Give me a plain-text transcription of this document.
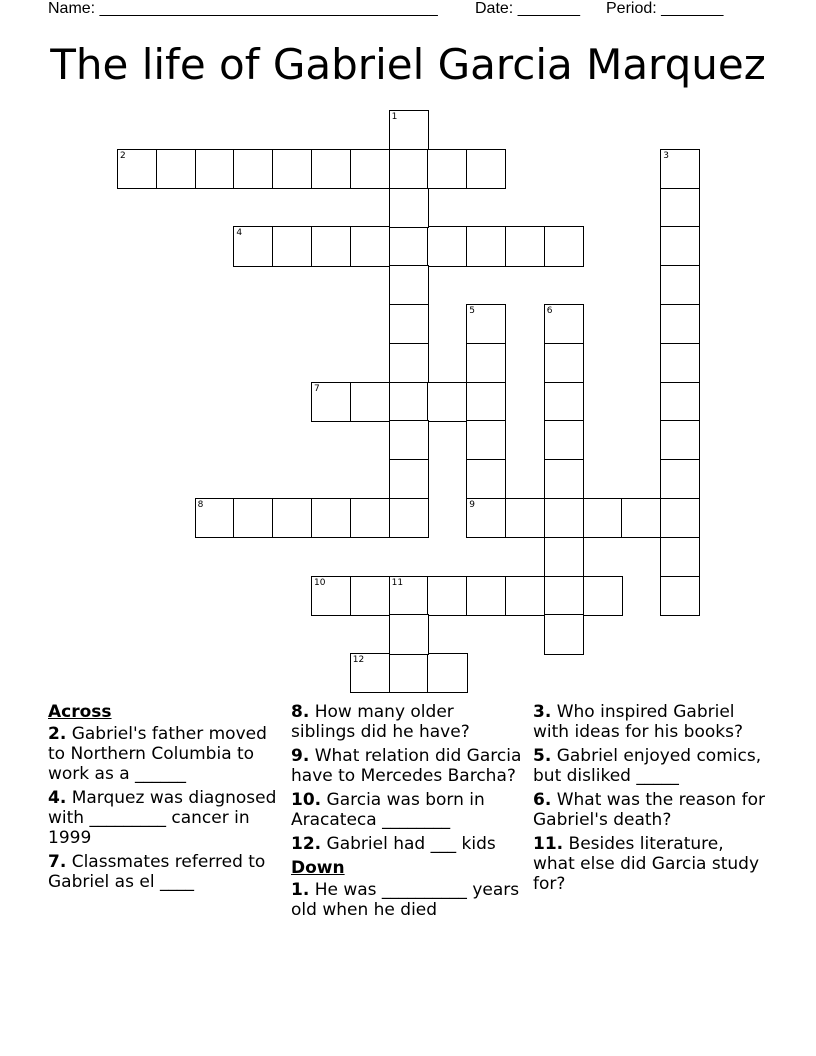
Name: ______________________________________ Date: _______ Period: _______
The life of Gabriel Garcia Marquez
2
4
7
8	9
10	11
12
1
3
5	6
Across
2. Gabriel's father moved to Northern Columbia to work as a ______
4. Marquez was diagnosed with _________ cancer in 1999
7. Classmates referred to Gabriel as el ____
8. How many older siblings did he have?
9. What relation did Garcia have to Mercedes Barcha?
10. Garcia was born in Aracateca ________
12. Gabriel had ___ kids
Down
1. He was __________ years old when he died
3. Who inspired Gabriel with ideas for his books?
5. Gabriel enjoyed comics, but disliked _____
6. What was the reason for Gabriel's death?
11. Besides literature, what else did Garcia study for?
